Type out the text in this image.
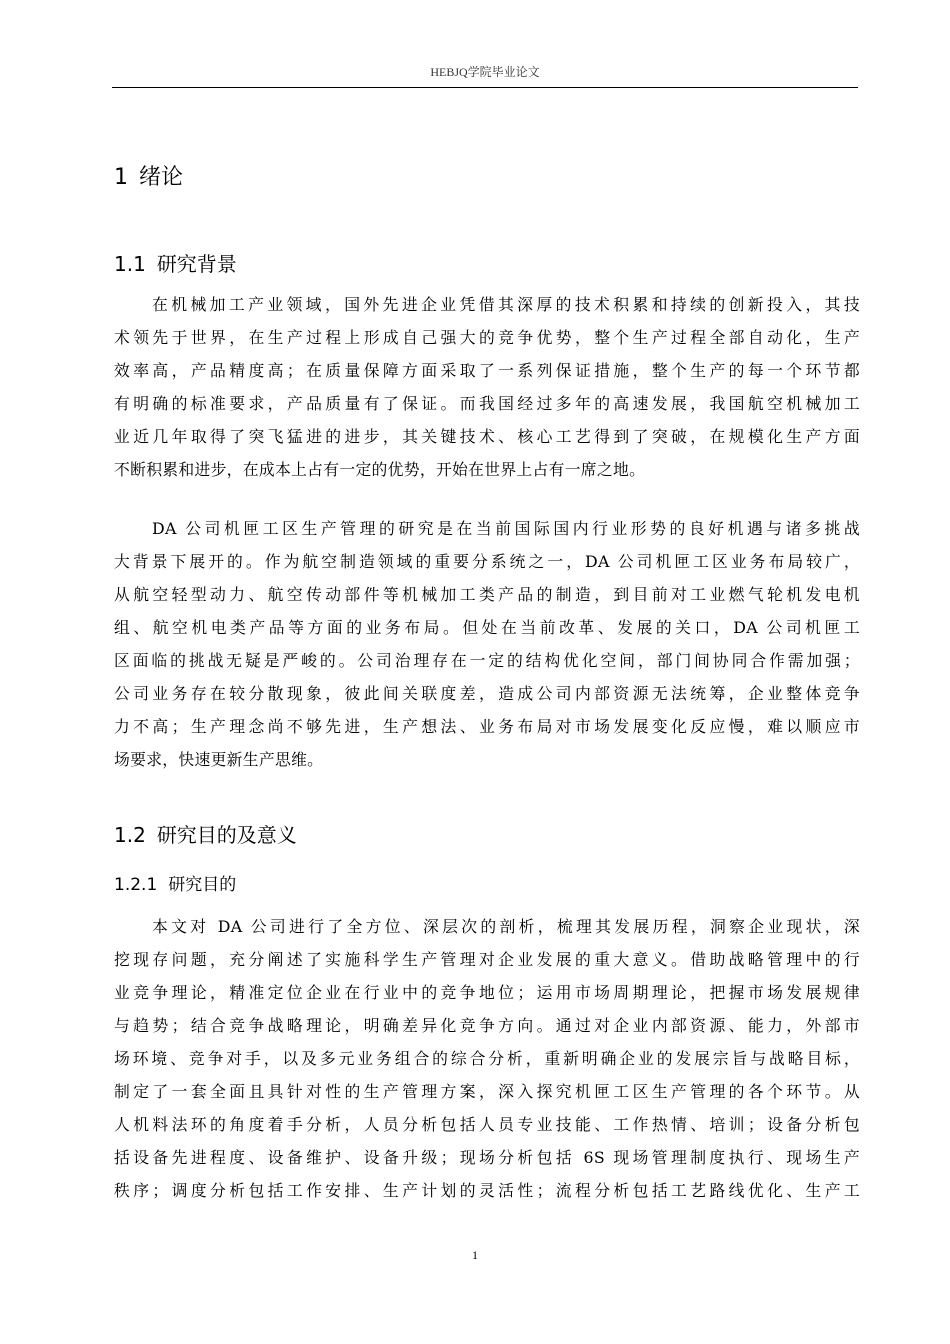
HEBJQ学院毕业论文
1 绪论
1.1 研究背景
在机械加工产业领域，国外先进企业凭借其深厚的技术积累和持续的创新投入，其技
术领先于世界，在生产过程上形成自己强大的竞争优势，整个生产过程全部自动化，生产
效率高，产品精度高；在质量保障方面采取了一系列保证措施，整个生产的每一个环节都
有明确的标准要求，产品质量有了保证。而我国经过多年的高速发展，我国航空机械加工
业近几年取得了突飞猛进的进步，其关键技术、核心工艺得到了突破，在规模化生产方面
不断积累和进步，在成本上占有一定的优势，开始在世界上占有一席之地。
DA 公司机匣工区生产管理的研究是在当前国际国内行业形势的良好机遇与诸多挑战
大背景下展开的。作为航空制造领域的重要分系统之一，DA 公司机匣工区业务布局较广，
从航空轻型动力、航空传动部件等机械加工类产品的制造，到目前对工业燃气轮机发电机
组、航空机电类产品等方面的业务布局。但处在当前改革、发展的关口，DA 公司机匣工
区面临的挑战无疑是严峻的。公司治理存在一定的结构优化空间，部门间协同合作需加强；
公司业务存在较分散现象，彼此间关联度差，造成公司内部资源无法统筹，企业整体竞争
力不高；生产理念尚不够先进，生产想法、业务布局对市场发展变化反应慢，难以顺应市
场要求，快速更新生产思维。
1.2 研究目的及意义
1.2.1 研究目的
本文对 DA 公司进行了全方位、深层次的剖析，梳理其发展历程，洞察企业现状，深
挖现存问题，充分阐述了实施科学生产管理对企业发展的重大意义。借助战略管理中的行
业竞争理论，精准定位企业在行业中的竞争地位；运用市场周期理论，把握市场发展规律
与趋势；结合竞争战略理论，明确差异化竞争方向。通过对企业内部资源、能力，外部市
场环境、竞争对手，以及多元业务组合的综合分析，重新明确企业的发展宗旨与战略目标，
制定了一套全面且具针对性的生产管理方案，深入探究机匣工区生产管理的各个环节。从
人机料法环的角度着手分析，人员分析包括人员专业技能、工作热情、培训；设备分析包
括设备先进程度、设备维护、设备升级；现场分析包括 6S 现场管理制度执行、现场生产
秩序；调度分析包括工作安排、生产计划的灵活性；流程分析包括工艺路线优化、生产工
1
